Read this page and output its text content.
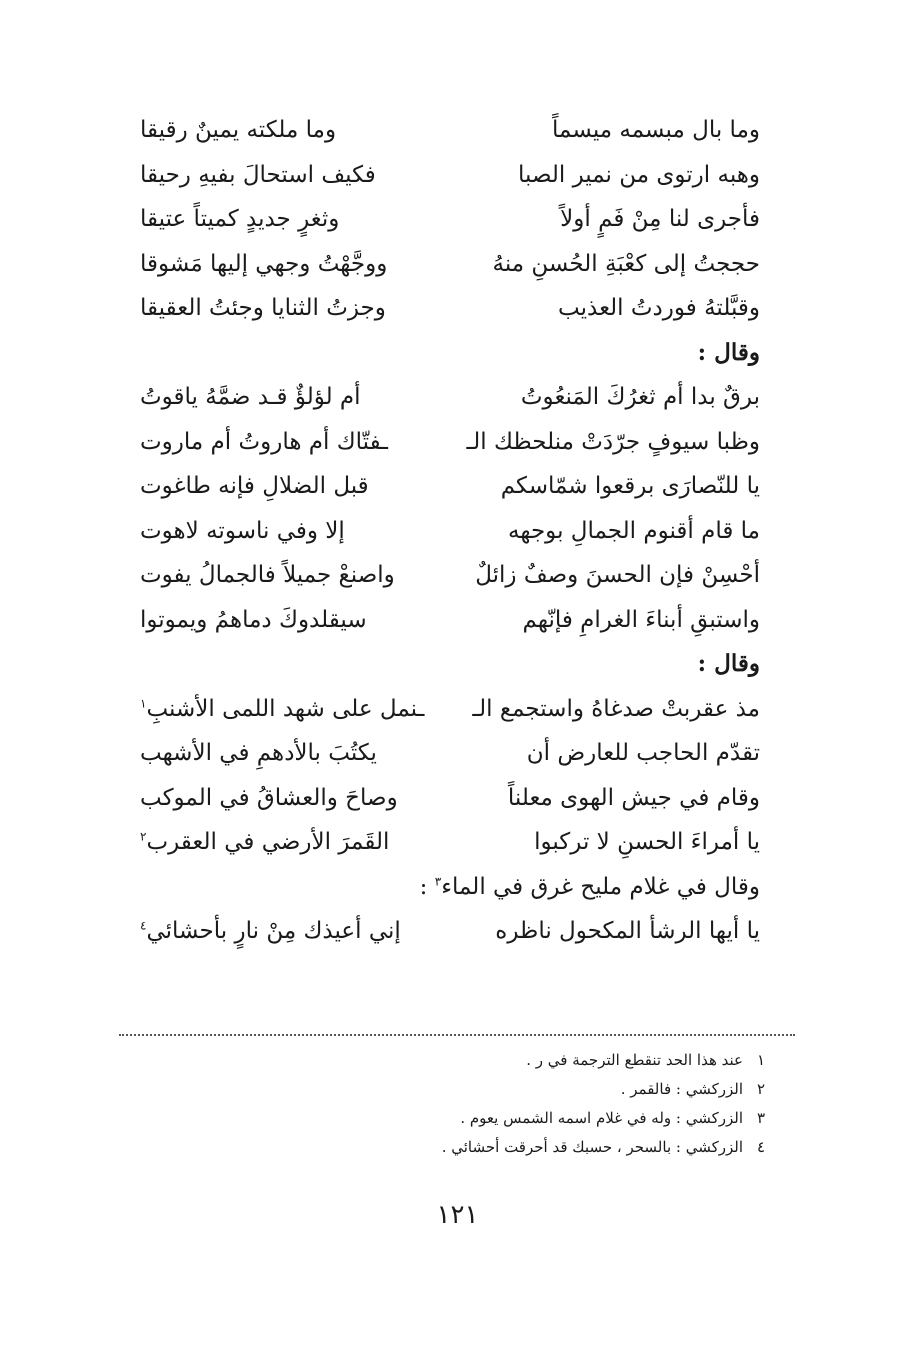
وما بال مبسمه ميسماً
وما ملكته يمينٌ رقيقا
وهبه ارتوى من نمير الصبا
فكيف استحالَ بفيهِ رحيقا
فأجرى لنا مِنْ فَمٍ أولاً
وثغرٍ جديدٍ كميتاً عتيقا
حججتُ إلى كعْبَةِ الحُسنِ منهُ
ووجَّهْتُ وجهي إليها مَشوقا
وقبَّلتهُ فوردتُ العذيب
وجزتُ الثنايا وجئتُ العقيقا
وقال :
برقٌ بدا أم ثغرُكَ المَنعُوتُ
أم لؤلؤٌ قـد ضمَّهُ ياقوتُ
وظبا سيوفٍ جرّدَتْ منلحظك الـ
ـفتّاك أم هاروتُ أم ماروت
يا للنّصارَى برقعوا شمّاسكم
قبل الضلالِ فإنه طاغوت
ما قام أقنوم الجمالِ بوجهه
إلا وفي ناسوته لاهوت
أحْسِنْ فإن الحسنَ وصفٌ زائلٌ
واصنعْ جميلاً فالجمالُ يفوت
واستبقِ أبناءَ الغرامِ فإنّهم
سيقلدوكَ دماهمُ ويموتوا
وقال :
مذ عقربتْ صدغاهُ واستجمع الـ
ـنمل على شهد اللمى الأشنبِ$^١$
تقدّم الحاجب للعارض أن
يكتُبَ بالأدهمِ في الأشهب
وقام في جيش الهوى معلناً
وصاحَ والعشاقُ في الموكب
يا أمراءَ الحسنِ لا تركبوا
القَمرَ الأرضي في العقرب$^٢$
وقال في غلام مليح غرق في الماء$^٣$ :
يا أيها الرشأ المكحول ناظره
إني أعيذك مِنْ نارٍ بأحشائي$^٤$
١عند هذا الحد تنقطع الترجمة في ر .
٢الزركشي : فالقمر .
٣الزركشي : وله في غلام اسمه الشمس يعوم .
٤الزركشي : بالسحر ، حسبك قد أحرقت أحشائي .
١٢١
